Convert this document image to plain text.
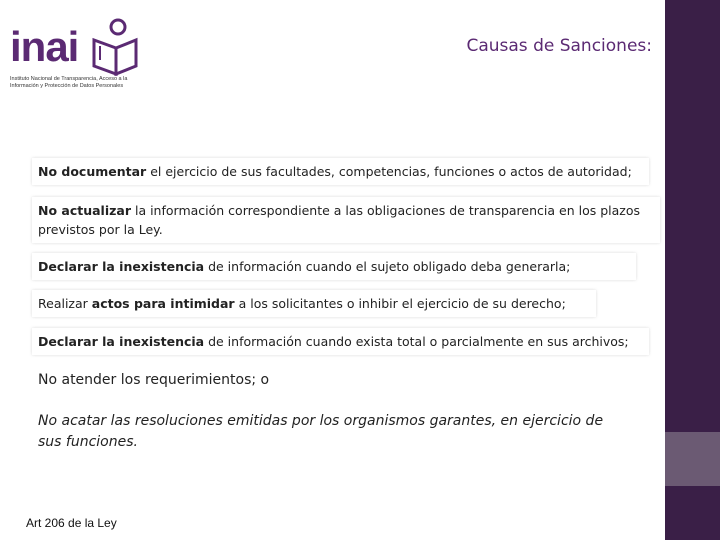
inai
Instituto Nacional de Transparencia, Acceso a la Información y Protección de Datos Personales
Causas de Sanciones:
No documentar el ejercicio de sus facultades, competencias, funciones o actos de autoridad;
No actualizar la información correspondiente a las obligaciones de transparencia en los plazos previstos por la Ley.
Declarar la inexistencia de información cuando el sujeto obligado deba generarla;
Realizar actos para intimidar a los solicitantes o inhibir el ejercicio de su derecho;
Declarar la inexistencia de información cuando exista total o parcialmente en sus archivos;
No atender los requerimientos; o
No acatar las resoluciones emitidas por los organismos garantes, en ejercicio de sus funciones.
Art 206 de la Ley
